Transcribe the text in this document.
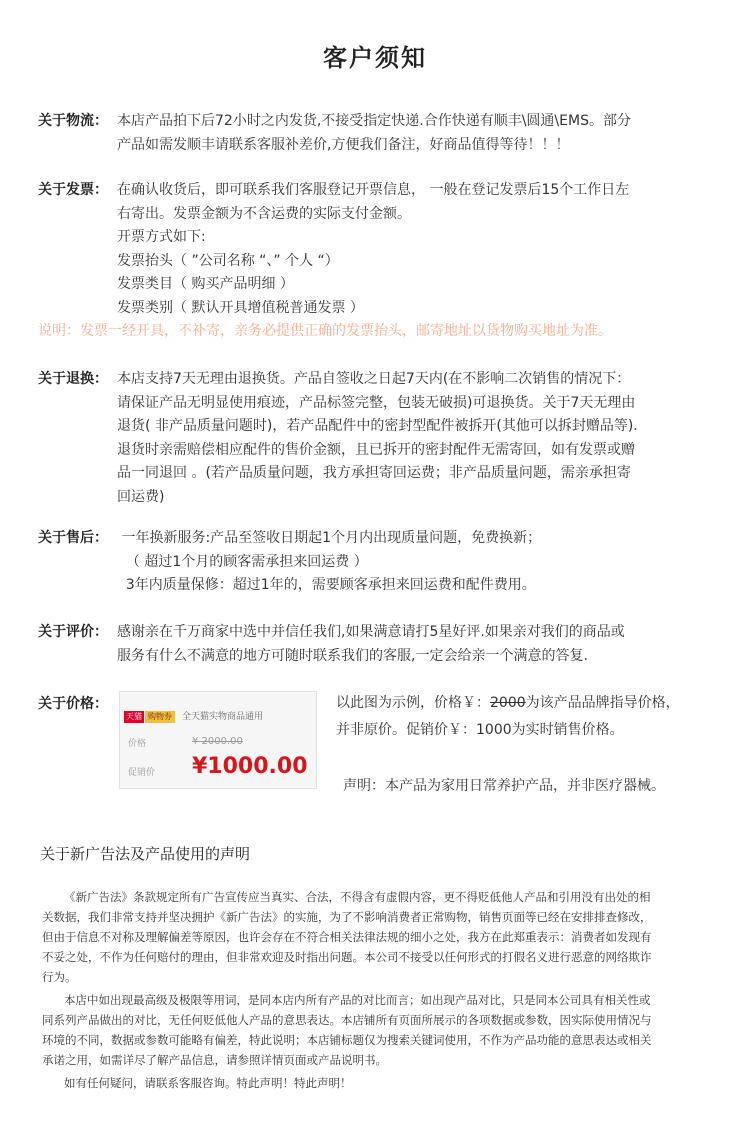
客户须知
关于物流： 本店产品拍下后72小时之内发货,不接受指定快递.合作快递有顺丰\圆通\EMS。部分
产品如需发顺丰请联系客服补差价,方便我们备注，好商品值得等待！！！
关于发票： 在确认收货后，即可联系我们客服登记开票信息， 一般在登记发票后15个工作日左
右寄出。发票金额为不含运费的实际支付金额。
开票方式如下:
发票抬头（ ”公司名称 “、” 个人 “）
发票类目（ 购买产品明细 ）
发票类别（ 默认开具增值税普通发票 ）
说明：发票一经开具，不补寄，亲务必提供正确的发票抬头，邮寄地址以货物购买地址为准。
关于退换： 本店支持7天无理由退换货。产品自签收之日起7天内(在不影响二次销售的情况下：
请保证产品无明显使用痕迹，产品标签完整，包装无破损)可退换货。关于7天无理由
退货( 非产品质量问题时)，若产品配件中的密封型配件被拆开(其他可以拆封赠品等).
退货时亲需赔偿相应配件的售价金额，且已拆开的密封配件无需寄回，如有发票或赠
品一同退回 。(若产品质量问题，我方承担寄回运费；非产品质量问题，需亲承担寄
回运费)
关于售后： 一年换新服务:产品至签收日期起1个月内出现质量问题，免费换新；
（ 超过1个月的顾客需承担来回运费 ）
3年内质量保修：超过1年的，需要顾客承担来回运费和配件费用。
关于评价： 感谢亲在千万商家中选中并信任我们,如果满意请打5星好评.如果亲对我们的商品或
服务有什么不满意的地方可随时联系我们的客服,一定会给亲一个满意的答复.
关于价格：
天猫 购物券	全天猫实物商品通用
价格	¥ 2000.00
促销价 ¥1000.00
以此图为示例，价格￥：2000为该产品品牌指导价格，
并非原价。促销价￥：1000为实时销售价格。
声明：本产品为家用日常养护产品，并非医疗器械。
关于新广告法及产品使用的声明
《新广告法》条款规定所有广告宣传应当真实、合法，不得含有虚假内容，更不得贬低他人产品和引用没有出处的相
关数据，我们非常支持并坚决拥护《新广告法》的实施，为了不影响消费者正常购物，销售页面等已经在安排排查修改，
但由于信息不对称及理解偏差等原因，也许会存在不符合相关法律法规的细小之处，我方在此郑重表示：消费者如发现有
不妥之处，不作为任何赔付的理由，但非常欢迎及时指出问题。本公司不接受以任何形式的打假名义进行恶意的网络欺诈
行为。
本店中如出现最高级及极限等用词，是同本店内所有产品的对比而言；如出现产品对比，只是同本公司具有相关性或
同系列产品做出的对比，无任何贬低他人产品的意思表达。本店铺所有页面所展示的各项数据或参数，因实际使用情况与
环境的不同，数据或参数可能略有偏差，特此说明；本店铺标题仅为搜索关键词使用，不作为产品功能的意思表达或相关
承诺之用，如需详尽了解产品信息，请参照详情页面或产品说明书。
如有任何疑问，请联系客服咨询。特此声明！特此声明！
